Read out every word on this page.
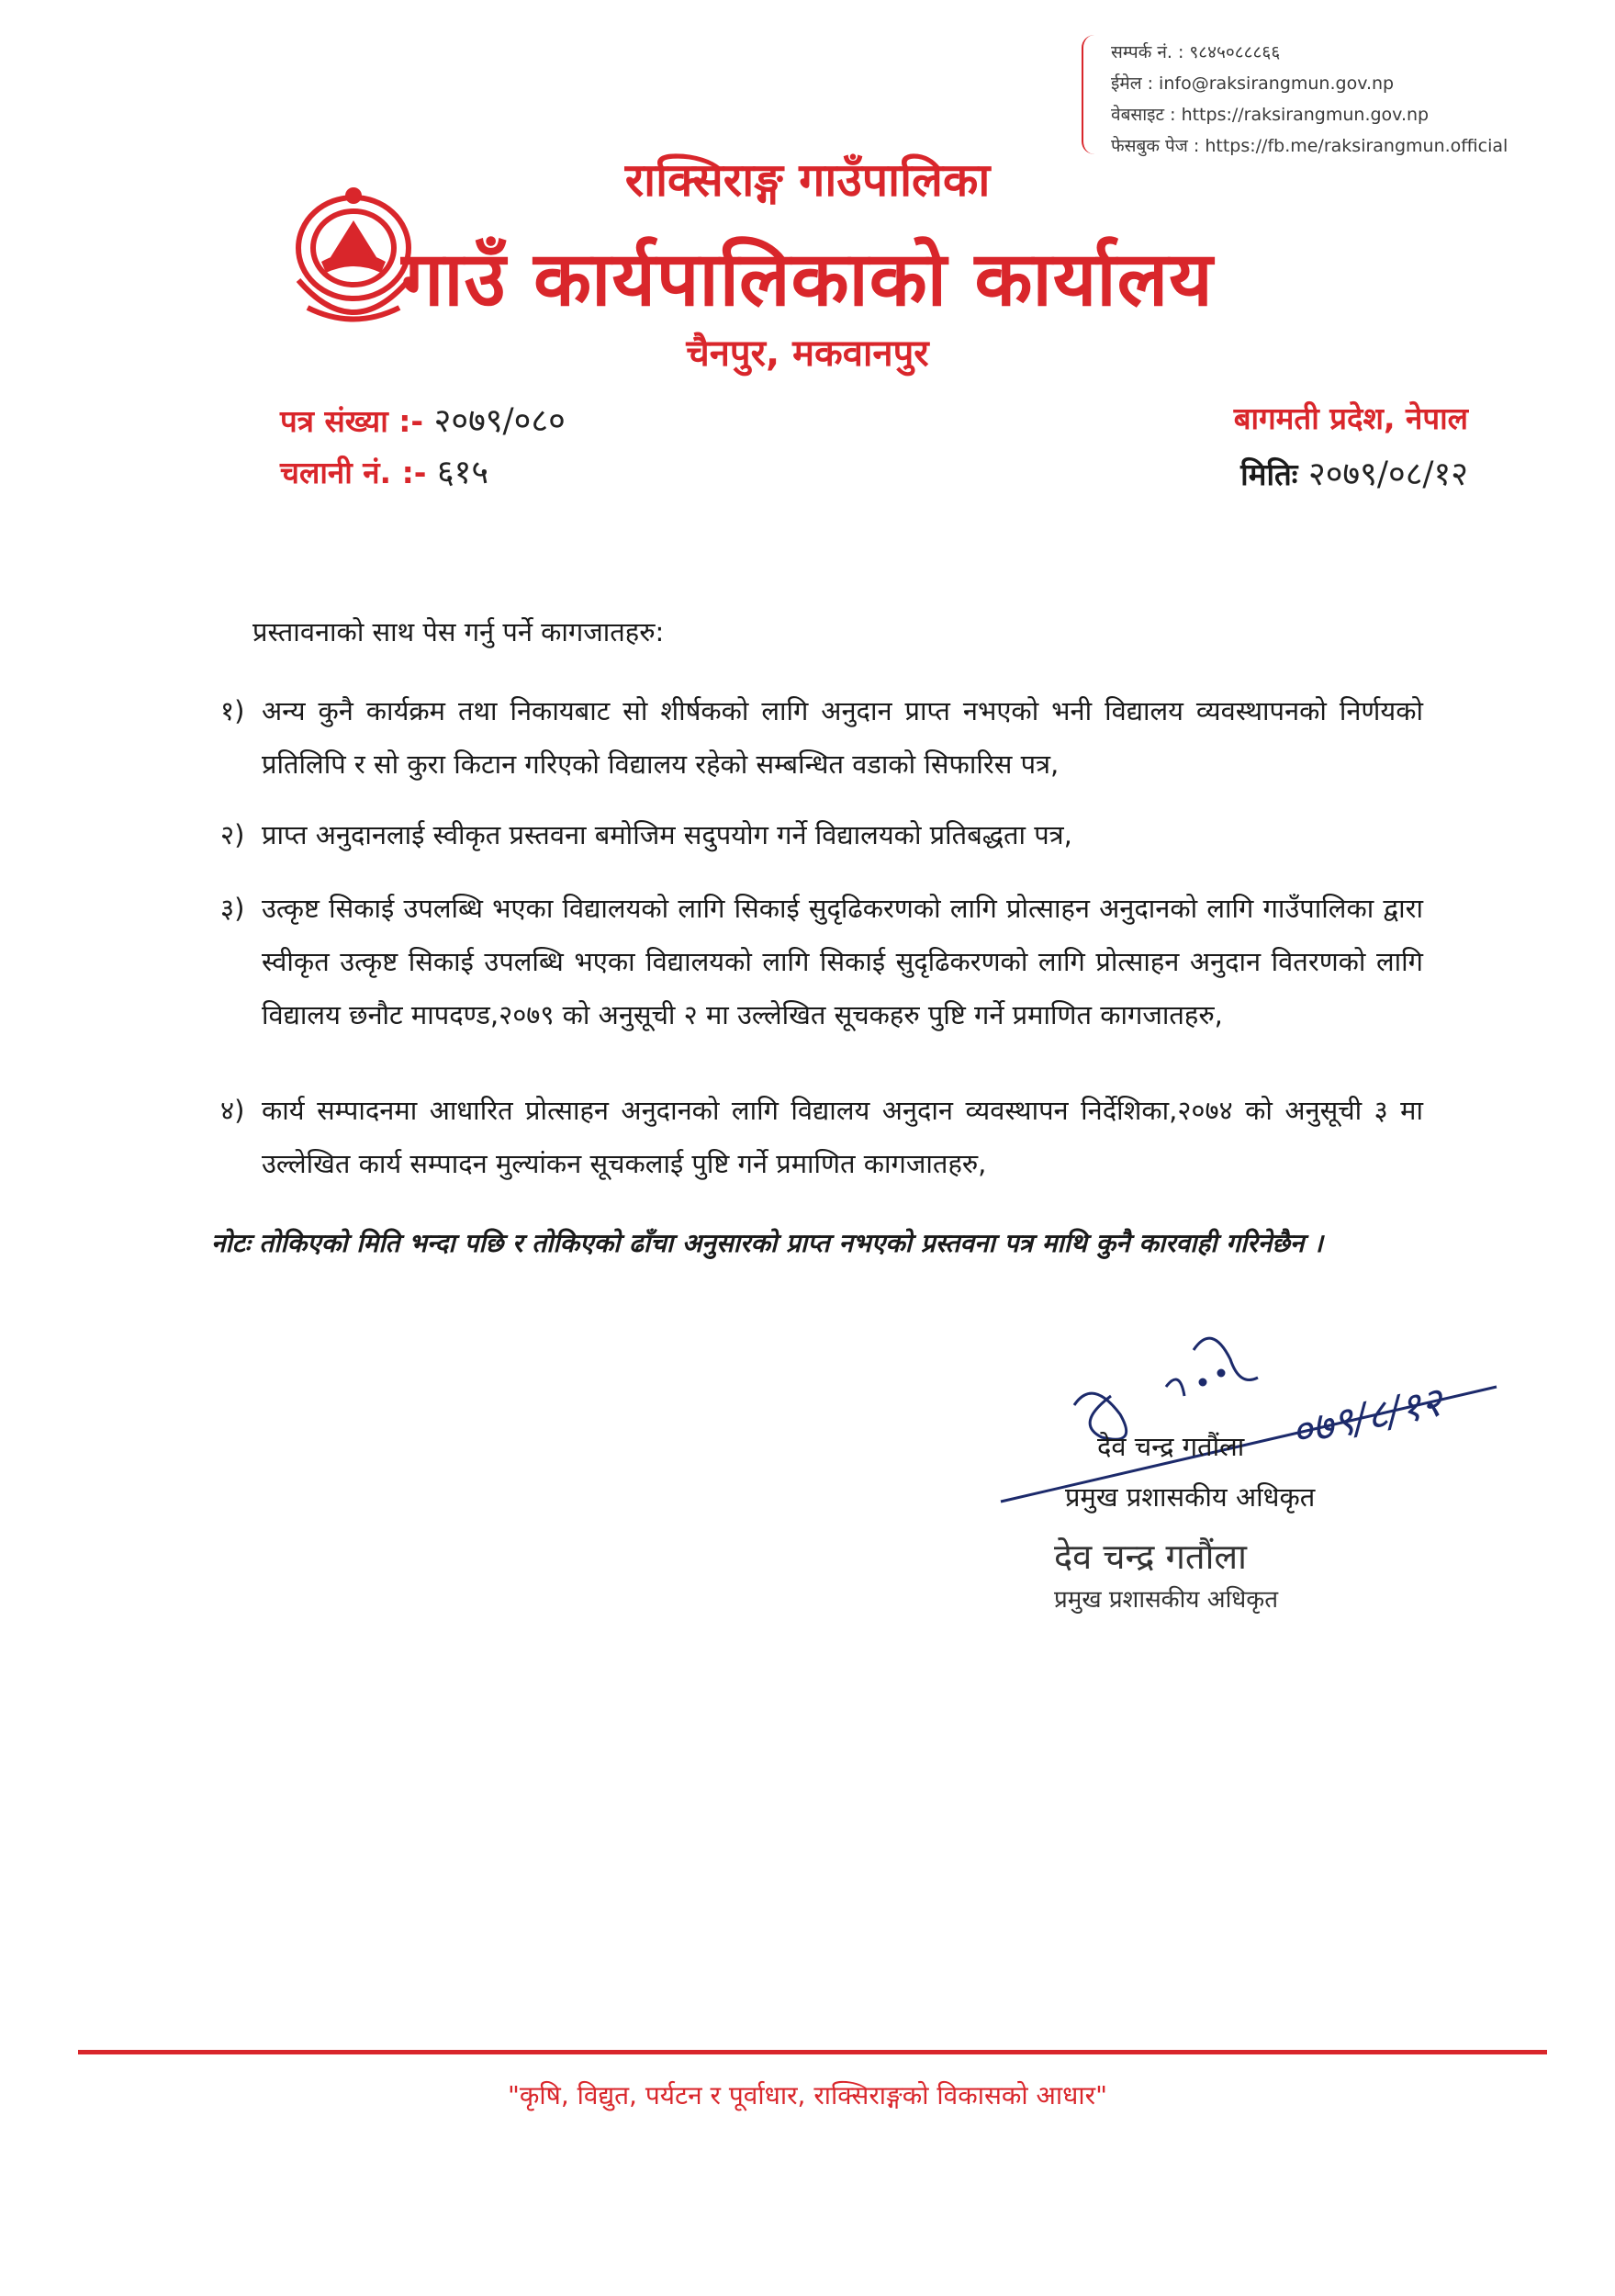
सम्पर्क नं. : ९८४५०८८८६६
ईमेल : info@raksirangmun.gov.np
वेबसाइट : https://raksirangmun.gov.np
फेसबुक पेज : https://fb.me/raksirangmun.official
राक्सिराङ्ग गाउँपालिका
गाउँ कार्यपालिकाको कार्यालय
चैनपुर, मकवानपुर
पत्र संख्या :- २०७९/०८०
चलानी नं. :- ६१५
बागमती प्रदेश, नेपाल
मितिः २०७९/०८/१२
प्रस्तावनाको साथ पेस गर्नु पर्ने कागजातहरु:
१) अन्य कुनै कार्यक्रम तथा निकायबाट सो शीर्षकको लागि अनुदान प्राप्त नभएको भनी विद्यालय व्यवस्थापनको निर्णयको प्रतिलिपि र सो कुरा किटान गरिएको विद्यालय रहेको सम्बन्धित वडाको सिफारिस पत्र,
२) प्राप्त अनुदानलाई स्वीकृत प्रस्तवना बमोजिम सदुपयोग गर्ने विद्यालयको प्रतिबद्धता पत्र,
३) उत्कृष्ट सिकाई उपलब्धि भएका विद्यालयको लागि सिकाई सुदृढिकरणको लागि प्रोत्साहन अनुदानको लागि गाउँपालिका द्वारा स्वीकृत उत्कृष्ट सिकाई उपलब्धि भएका विद्यालयको लागि सिकाई सुदृढिकरणको लागि प्रोत्साहन अनुदान वितरणको लागि विद्यालय छनौट मापदण्ड,२०७९ को अनुसूची २ मा उल्लेखित सूचकहरु पुष्टि गर्ने प्रमाणित कागजातहरु,
४) कार्य सम्पादनमा आधारित प्रोत्साहन अनुदानको लागि विद्यालय अनुदान व्यवस्थापन निर्देशिका,२०७४ को अनुसूची ३ मा उल्लेखित कार्य सम्पादन मुल्यांकन सूचकलाई पुष्टि गर्ने प्रमाणित कागजातहरु,
नोटः तोकिएको मिति भन्दा पछि र तोकिएको ढाँचा अनुसारको प्राप्त नभएको प्रस्तवना पत्र माथि कुनै कारवाही गरिनेछैन ।
०७९/८/१२
देव चन्द्र गतौंला
प्रमुख प्रशासकीय अधिकृत
देव चन्द्र गतौंला
प्रमुख प्रशासकीय अधिकृत
"कृषि, विद्युत, पर्यटन र पूर्वाधार, राक्सिराङ्गको विकासको आधार"
